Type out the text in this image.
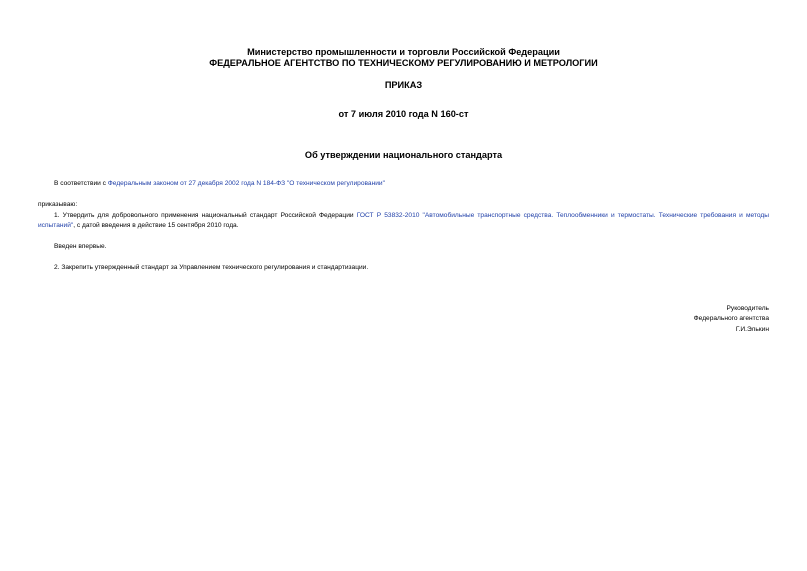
Министерство промышленности и торговли Российской Федерации
ФЕДЕРАЛЬНОЕ АГЕНТСТВО ПО ТЕХНИЧЕСКОМУ РЕГУЛИРОВАНИЮ И МЕТРОЛОГИИ
ПРИКАЗ
от 7 июля 2010 года N 160-ст
Об утверждении национального стандарта
В соответствии с Федеральным законом от 27 декабря 2002 года N 184-ФЗ "О техническом регулировании"
приказываю:
1. Утвердить для добровольного применения национальный стандарт Российской Федерации ГОСТ Р 53832-2010 "Автомобильные транспортные средства. Теплообменники и термостаты. Технические требования и методы испытаний", с датой введения в действие 15 сентября 2010 года.
Введен впервые.
2. Закрепить утвержденный стандарт за Управлением технического регулирования и стандартизации.
Руководитель
Федерального агентства
Г.И.Элькин
